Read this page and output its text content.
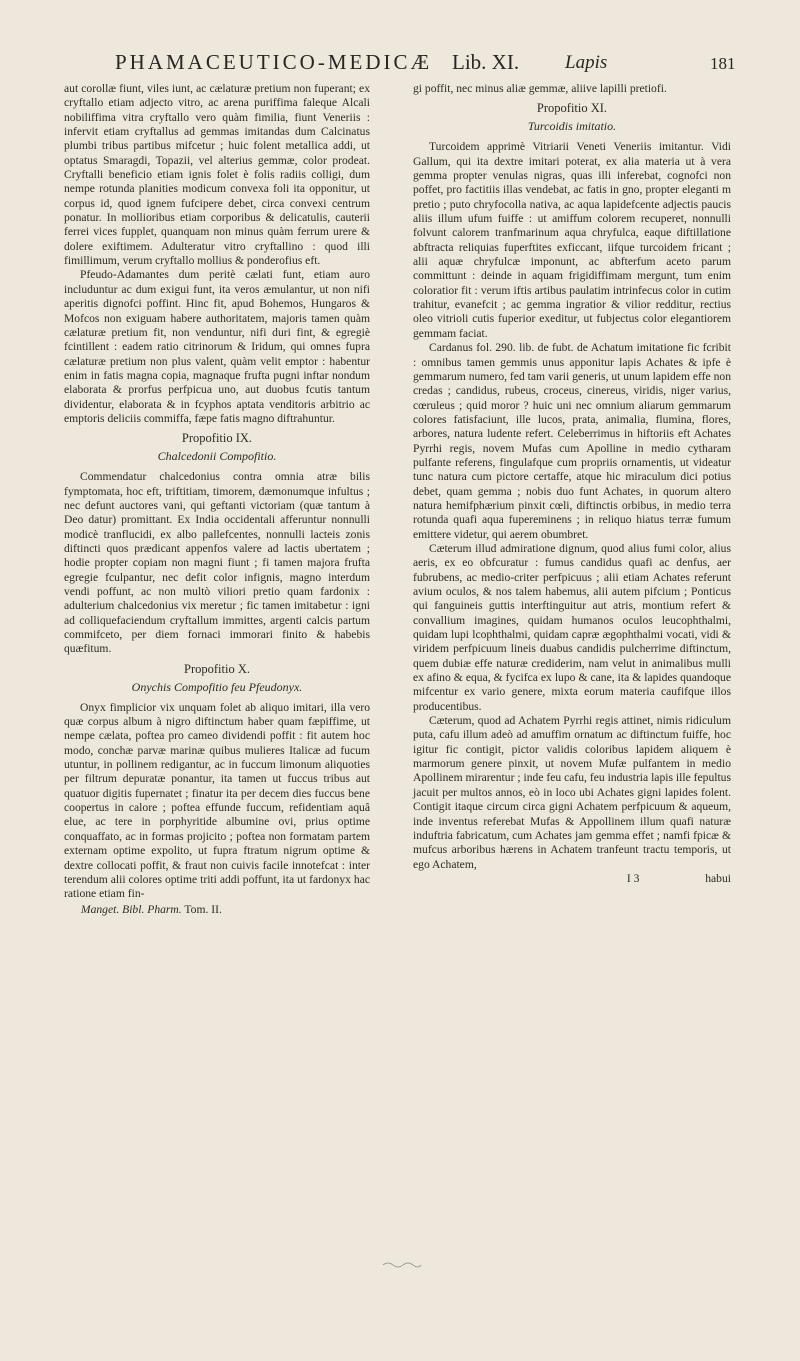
PHAMACEUTICO-MEDICÆ Lib. XI. Lapis	181

aut corollæ fiunt, viles iunt, ac cælaturæ pretium non fuperant; ex cryftallo etiam adjecto vitro, ac arena puriffima faleque Alcali nobiliffima vitra cryftallo vero quàm fimilia, fiunt Veneriis : infervit etiam cryftallus ad gemmas imitandas dum Calcinatus plumbi tribus partibus mifcetur ; huic folent metallica addi, ut optatus Smaragdi, Topazii, vel alterius gemmæ, color prodeat. Cryftalli beneficio etiam ignis folet è folis radiis colligi, dum nempe rotunda planities modicum convexa foli ita opponitur, ut corpus id, quod ignem fufcipere debet, circa convexi centrum ponatur. In mollioribus etiam corporibus & delicatulis, cauterii ferrei vices fupplet, quanquam non minus quàm ferrum urere & dolere exiftimem. Adulteratur vitro cryftallino : quod illi fimillimum, verum cryftallo mollius & ponderofius eft.

Pfeudo-Adamantes dum peritè cælati funt, etiam auro includuntur ac dum exigui funt, ita veros æmulantur, ut non nifi aperitis dignofci poffint. Hinc fit, apud Bohemos, Hungaros & Mofcos non exiguam habere authoritatem, majoris tamen quàm cælaturæ pretium fit, non venduntur, nifi duri fint, & egregiè fcintillent : eadem ratio citrinorum & Iridum, qui omnes fupra cælaturæ pretium non plus valent, quàm velit emptor : habentur enim in fatis magna copia, magnaque frufta pugni inftar nondum elaborata & prorfus perfpicua uno, aut duobus fcutis tantum dividentur, elaborata & in fcyphos aptata venditoris arbitrio ac emptoris deliciis commiffa, fæpe fatis magno diftrahuntur.

Propofitio IX.
Chalcedonii Compofitio.

Commendatur chalcedonius contra omnia atræ bilis fymptomata, hoc eft, triftitiam, timorem, dæmonumque infultus ; nec defunt auctores vani, qui geftanti victoriam (quæ tantum à Deo datur) promittant. Ex India occidentali afferuntur nonnulli modicè tranflucidi, ex albo pallefcentes, nonnulli lacteis zonis diftincti quos prædicant appenfos valere ad lactis ubertatem ; hodie propter copiam non magni fiunt ; fi tamen majora frufta egregie fculpantur, nec defit color infignis, magno interdum vendi poffunt, ac non multò viliori pretio quam fardonix : adulterium chalcedonius vix meretur ; fic tamen imitabetur : igni ad colliquefaciendum cryftallum immittes, argenti calcis partum commifceto, per diem fornaci immorari finito & habebis quæfitum.

Propofitio X.
Onychis Compofitio feu Pfeudonyx.

Onyx fimplicior vix unquam folet ab aliquo imitari, illa vero quæ corpus album à nigro diftinctum haber quam fæpiffime, ut nempe cælata, poftea pro cameo dividendi poffit : fit autem hoc modo, conchæ parvæ marinæ quibus mulieres Italicæ ad fucum utuntur, in pollinem redigantur, ac in fuccum limonum aliquoties per filtrum depuratæ ponantur, ita tamen ut fuccus tribus aut quatuor digitis fupernatet ; finatur ita per decem dies fuccus bene coopertus in calore ; poftea effunde fuccum, refidentiam aquâ elue, ac tere in porphyritide albumine ovi, prius optime conquaffato, ac in formas projicito ; poftea non formatam partem externam optime expolito, ut fupra ftratum nigrum optime & dextre collocati poffit, & fraut non cuivis facile innotefcat : inter terendum alii colores optime triti addi poffunt, ita ut fardonyx hac ratione etiam fin-

Manget. Bibl. Pharm. Tom. II.

gi poffit, nec minus aliæ gemmæ, aliive lapilli pretiofi.

Propofitio XI.
Turcoidis imitatio.

Turcoidem apprimè Vitriarii Veneti Veneriis imitantur. Vidi Gallum, qui ita dextre imitari poterat, ex alia materia ut à vera gemma propter venulas nigras, quas illi inferebat, cognofci non poffet, pro factitiis illas vendebat, ac fatis in gno, propter eleganti m pretio ; puto chryfocolla nativa, ac aqua lapidefcente adjectis paucis aliis illum ufum fuiffe : ut amiffum colorem recuperet, nonnulli folvunt calorem tranfmarinum aqua chryfulca, eaque diftillatione abftracta reliquias fuperftites exficcant, iifque turcoidem fricant ; alii aquæ chryfulcæ imponunt, ac abfterfum aceto parum committunt : deinde in aquam frigidiffimam mergunt, tum enim coloratior fit : verum iftis artibus paulatim intrinfecus color in cutim trahitur, evanefcit ; ac gemma ingratior & vilior redditur, rectius oleo vitrioli cutis fuperior exeditur, ut fubjectus color elegantiorem gemmam faciat.

Cardanus fol. 290. lib. de fubt. de Achatum imitatione fic fcribit : omnibus tamen gemmis unus apponitur lapis Achates & ipfe è gemmarum numero, fed tam varii generis, ut unum lapidem effe non credas ; candidus, rubeus, croceus, cinereus, viridis, niger varius, cœruleus ; quid moror ? huic uni nec omnium aliarum gemmarum colores fatisfaciunt, ille lucos, prata, animalia, flumina, flores, arbores, natura ludente refert. Celeberrimus in hiftoriis eft Achates Pyrrhi regis, novem Mufas cum Apolline in medio cytharam pulfante referens, fingulafque cum propriis ornamentis, ut videatur tunc natura cum pictore certaffe, atque hic miraculum dici potius debet, quam gemma ; nobis duo funt Achates, in quorum altero natura hemifphærium pinxit cœli, diftinctis orbibus, in medio terra rotunda quafi aqua fupereminens ; in reliquo hiatus terræ fumum emittere videtur, qui aerem obumbret.

Cæterum illud admiratione dignum, quod alius fumi color, alius aeris, ex eo obfcuratur : fumus candidus quafi ac denfus, aer fubrubens, ac medio-criter perfpicuus ; alii etiam Achates referunt avium oculos, & nos talem habemus, alii autem pifcium ; Ponticus qui fanguineis guttis interftinguitur aut atris, montium refert & convallium imagines, quidam humanos oculos leucophthalmi, quidam lupi lcophthalmi, quidam capræ ægophthalmi vocati, vidi & viridem perfpicuum lineis duabus candidis pulcherrime diftinctum, quem dubiæ effe naturæ crediderim, nam velut in animalibus mulli ex afino & equa, & fycifca ex lupo & cane, ita & lapides quandoque mifcentur ex vario genere, mixta eorum materia caufifque illos producentibus.

Cæterum, quod ad Achatem Pyrrhi regis attinet, nimis ridiculum puta, cafu illum adeò ad amuffim ornatum ac diftinctum fuiffe, hoc igitur fic contigit, pictor validis coloribus lapidem aliquem è marmorum genere pinxit, ut novem Mufæ pulfantem in medio Apollinem mirarentur ; inde feu cafu, feu industria lapis ille fepultus jacuit per multos annos, eò in loco ubi Achates gigni lapides folent. Contigit itaque circum circa gigni Achatem perfpicuum & aqueum, inde inventus referebat Mufas & Appollinem illum quafi naturæ induftria fabricatum, cum Achates jam gemma effet ; namfi fpicæ & mufcus arboribus hærens in Achatem tranfeunt tractu temporis, ut ego Achatem,

I 3	habui
